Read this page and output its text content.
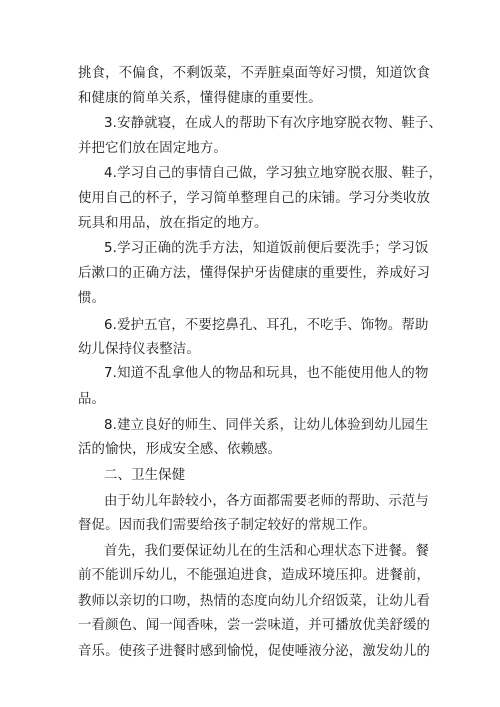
挑食，不偏食，不剩饭菜，不弄脏桌面等好习惯，知道饮食
和健康的简单关系，懂得健康的重要性。
3.安静就寝，在成人的帮助下有次序地穿脱衣物、鞋子、
并把它们放在固定地方。
4.学习自己的事情自己做，学习独立地穿脱衣服、鞋子，
使用自己的杯子，学习简单整理自己的床铺。学习分类收放
玩具和用品，放在指定的地方。
5.学习正确的洗手方法，知道饭前便后要洗手；学习饭
后漱口的正确方法，懂得保护牙齿健康的重要性，养成好习
惯。
6.爱护五官，不要挖鼻孔、耳孔，不吃手、饰物。帮助
幼儿保持仪表整洁。
7.知道不乱拿他人的物品和玩具，也不能使用他人的物
品。
8.建立良好的师生、同伴关系，让幼儿体验到幼儿园生
活的愉快，形成安全感、依赖感。
二、卫生保健
由于幼儿年龄较小，各方面都需要老师的帮助、示范与
督促。因而我们需要给孩子制定较好的常规工作。
首先，我们要保证幼儿在的生活和心理状态下进餐。餐
前不能训斥幼儿，不能强迫进食，造成环境压抑。进餐前，
教师以亲切的口吻，热情的态度向幼儿介绍饭菜，让幼儿看
一看颜色、闻一闻香味，尝一尝味道，并可播放优美舒缓的
音乐。使孩子进餐时感到愉悦，促使唾液分泌，激发幼儿的
